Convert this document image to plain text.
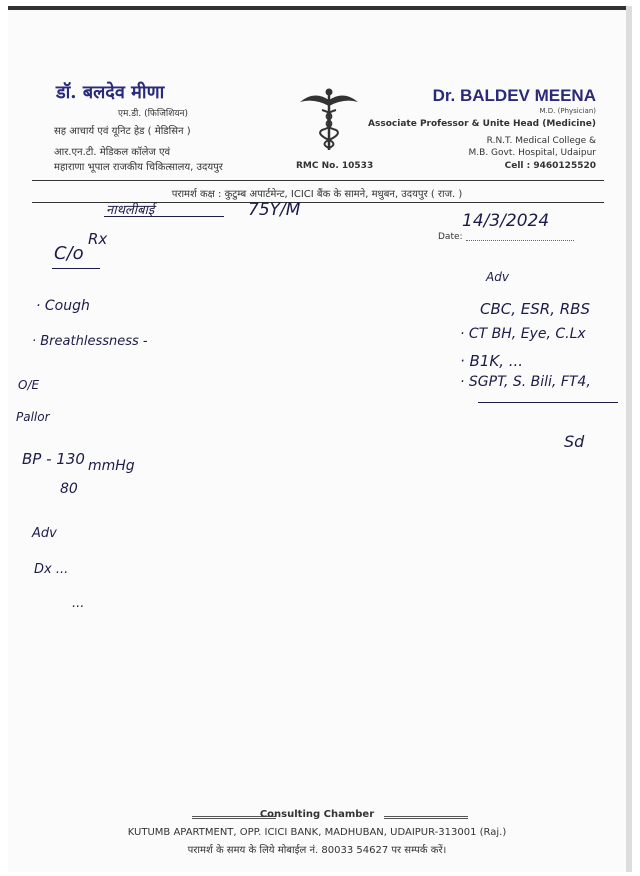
डॉ. बलदेव मीणा
एम.डी. (फिजिशियन)
सह आचार्य एवं यूनिट हेड ( मेडिसिन )
आर.एन.टी. मेडिकल कॉलेज एवं
महाराणा भूपाल राजकीय चिकित्सालय, उदयपुर	RMC No. 10533
Dr. BALDEV MEENA
M.D. (Physician)
Associate Professor & Unite Head (Medicine)
R.N.T. Medical College &
M.B. Govt. Hospital, Udaipur
Cell : 9460125520
परामर्श कक्ष : कुटुम्ब अपार्टमेन्ट, ICICI बैंक के सामने, मधुबन, उदयपुर ( राज. )
Date:
नाथलीबाई	75Y/M
14/3/2024
C/o
Rx
· Cough
· Breathlessness -
O/E
Pallor
BP - 130 mmHg
80
Adv
Dx ...
...
Adv
CBC, ESR, RBS
· CT BH, Eye, C.Lx
· B1K, ...
· SGPT, S. Bili, FT4,
Sd
Consulting Chamber
KUTUMB APARTMENT, OPP. ICICI BANK, MADHUBAN, UDAIPUR-313001 (Raj.)
परामर्श के समय के लिये मोबाईल नं. 80033 54627 पर सम्पर्क करें।
